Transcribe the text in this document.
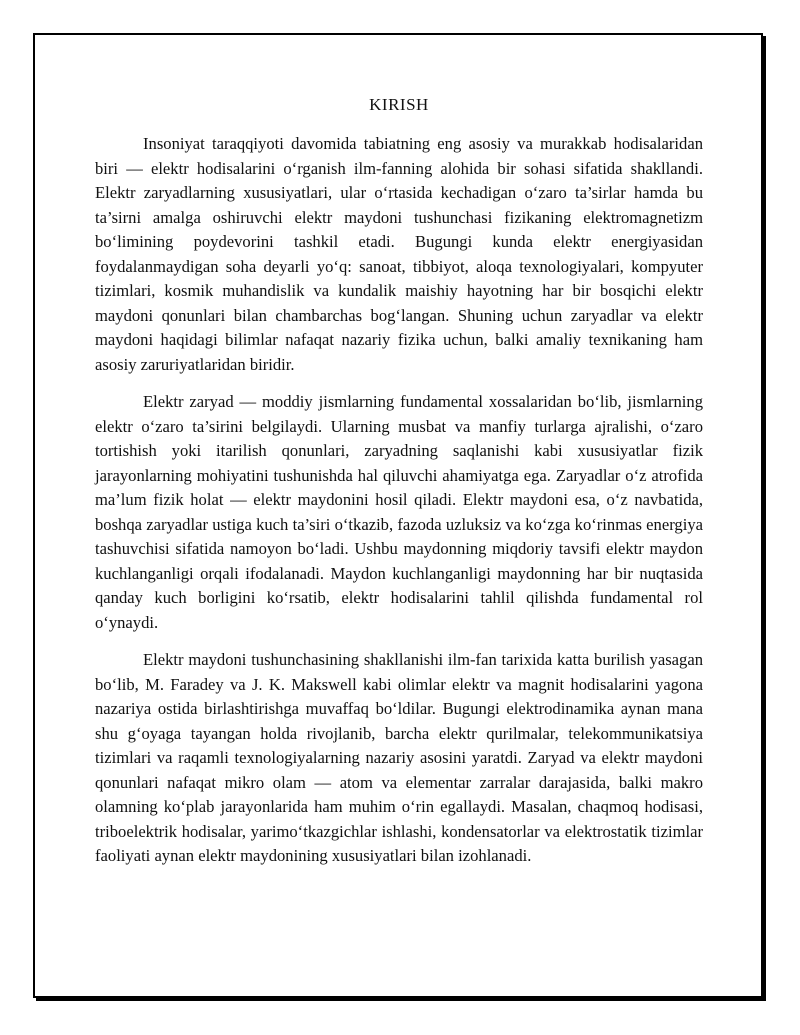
KIRISH

Insoniyat taraqqiyoti davomida tabiatning eng asosiy va murakkab hodisalaridan biri — elektr hodisalarini o‘rganish ilm-fanning alohida bir sohasi sifatida shakllandi. Elektr zaryadlarning xususiyatlari, ular o‘rtasida kechadigan o‘zaro ta’sirlar hamda bu ta’sirni amalga oshiruvchi elektr maydoni tushunchasi fizikaning elektromagnetizm bo‘limining poydevorini tashkil etadi. Bugungi kunda elektr energiyasidan foydalanmaydigan soha deyarli yo‘q: sanoat, tibbiyot, aloqa texnologiyalari, kompyuter tizimlari, kosmik muhandislik va kundalik maishiy hayotning har bir bosqichi elektr maydoni qonunlari bilan chambarchas bog‘langan. Shuning uchun zaryadlar va elektr maydoni haqidagi bilimlar nafaqat nazariy fizika uchun, balki amaliy texnikaning ham asosiy zaruriyatlaridan biridir.

Elektr zaryad — moddiy jismlarning fundamental xossalaridan bo‘lib, jismlarning elektr o‘zaro ta’sirini belgilaydi. Ularning musbat va manfiy turlarga ajralishi, o‘zaro tortishish yoki itarilish qonunlari, zaryadning saqlanishi kabi xususiyatlar fizik jarayonlarning mohiyatini tushunishda hal qiluvchi ahamiyatga ega. Zaryadlar o‘z atrofida ma’lum fizik holat — elektr maydonini hosil qiladi. Elektr maydoni esa, o‘z navbatida, boshqa zaryadlar ustiga kuch ta’siri o‘tkazib, fazoda uzluksiz va ko‘zga ko‘rinmas energiya tashuvchisi sifatida namoyon bo‘ladi. Ushbu maydonning miqdoriy tavsifi elektr maydon kuchlanganligi orqali ifodalanadi. Maydon kuchlanganligi maydonning har bir nuqtasida qanday kuch borligini ko‘rsatib, elektr hodisalarini tahlil qilishda fundamental rol o‘ynaydi.

Elektr maydoni tushunchasining shakllanishi ilm-fan tarixida katta burilish yasagan bo‘lib, M. Faradey va J. K. Makswell kabi olimlar elektr va magnit hodisalarini yagona nazariya ostida birlashtirishga muvaffaq bo‘ldilar. Bugungi elektrodinamika aynan mana shu g‘oyaga tayangan holda rivojlanib, barcha elektr qurilmalar, telekommunikatsiya tizimlari va raqamli texnologiyalarning nazariy asosini yaratdi. Zaryad va elektr maydoni qonunlari nafaqat mikro olam — atom va elementar zarralar darajasida, balki makro olamning ko‘plab jarayonlarida ham muhim o‘rin egallaydi. Masalan, chaqmoq hodisasi, triboelektrik hodisalar, yarimo‘tkazgichlar ishlashi, kondensatorlar va elektrostatik tizimlar faoliyati aynan elektr maydonining xususiyatlari bilan izohlanadi.
